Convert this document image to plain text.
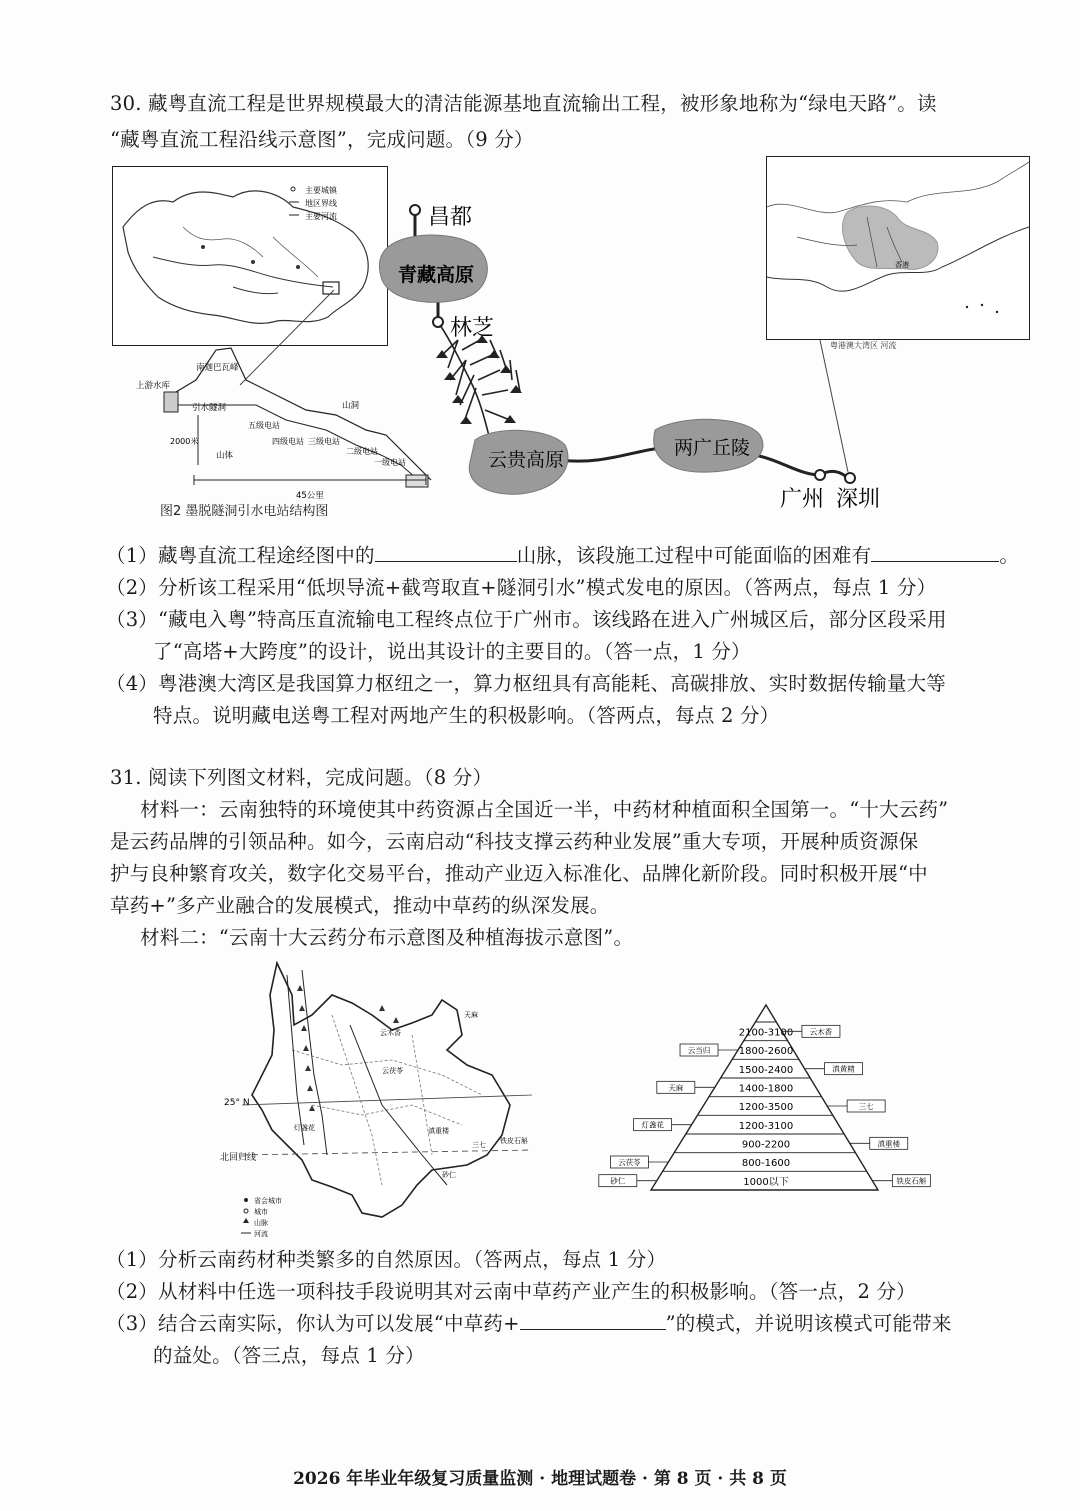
30. 藏粤直流工程是世界规模最大的清洁能源基地直流输出工程，被形象地称为“绿电天路”。读
“藏粤直流工程沿线示意图”，完成问题。（9 分）
主要城镇
地区界线
主要河流
上游水库
南迦巴瓦峰
引水隧洞
五级电站
四级电站 三级电站
二级电站
一级电站
山洞
山体
2000米
45公里
图2 墨脱隧洞引水电站结构图
昌都
青藏高原
林芝
云贵高原
两广丘陵
广州 深圳
香港
粤港澳大湾区 河流
（1）藏粤直流工程途经图中的	山脉，该段施工过程中可能面临的困难有	。
（2）分析该工程采用“低坝导流+截弯取直+隧洞引水”模式发电的原因。（答两点，每点 1 分）
（3）“藏电入粤”特高压直流输电工程终点位于广州市。该线路在进入广州城区后，部分区段采用
了“高塔+大跨度”的设计，说出其设计的主要目的。（答一点，1 分）
（4）粤港澳大湾区是我国算力枢纽之一，算力枢纽具有高能耗、高碳排放、实时数据传输量大等
特点。说明藏电送粤工程对两地产生的积极影响。（答两点，每点 2 分）
31. 阅读下列图文材料，完成问题。（8 分）
材料一：云南独特的环境使其中药资源占全国近一半，中药材种植面积全国第一。“十大云药”
是云药品牌的引领品种。如今，云南启动“科技支撑云药种业发展”重大专项，开展种质资源保
护与良种繁育攻关，数字化交易平台，推动产业迈入标准化、品牌化新阶段。同时积极开展“中
草药+”多产业融合的发展模式，推动中草药的纵深发展。
材料二：“云南十大云药分布示意图及种植海拔示意图”。
25° N
北回归线
云木香
天麻
云茯苓
灯盏花
三七 铁皮石斛
砂仁
滇重楼
省会城市
城市
山脉
河流
2100-3100
1800-2600
1500-2400
1400-1800
1200-3500
1200-3100
900-2200
800-1600
1000以下
云当归
天麻
灯盏花
云茯苓
砂仁
云木香
滇黄精
三七
滇重楼
铁皮石斛
（1）分析云南药材种类繁多的自然原因。（答两点，每点 1 分）
（2）从材料中任选一项科技手段说明其对云南中草药产业产生的积极影响。（答一点，2 分）
（3）结合云南实际，你认为可以发展“中草药+	”的模式，并说明该模式可能带来
的益处。（答三点，每点 1 分）
2026 年毕业年级复习质量监测 · 地理试题卷 · 第 8 页 · 共 8 页
